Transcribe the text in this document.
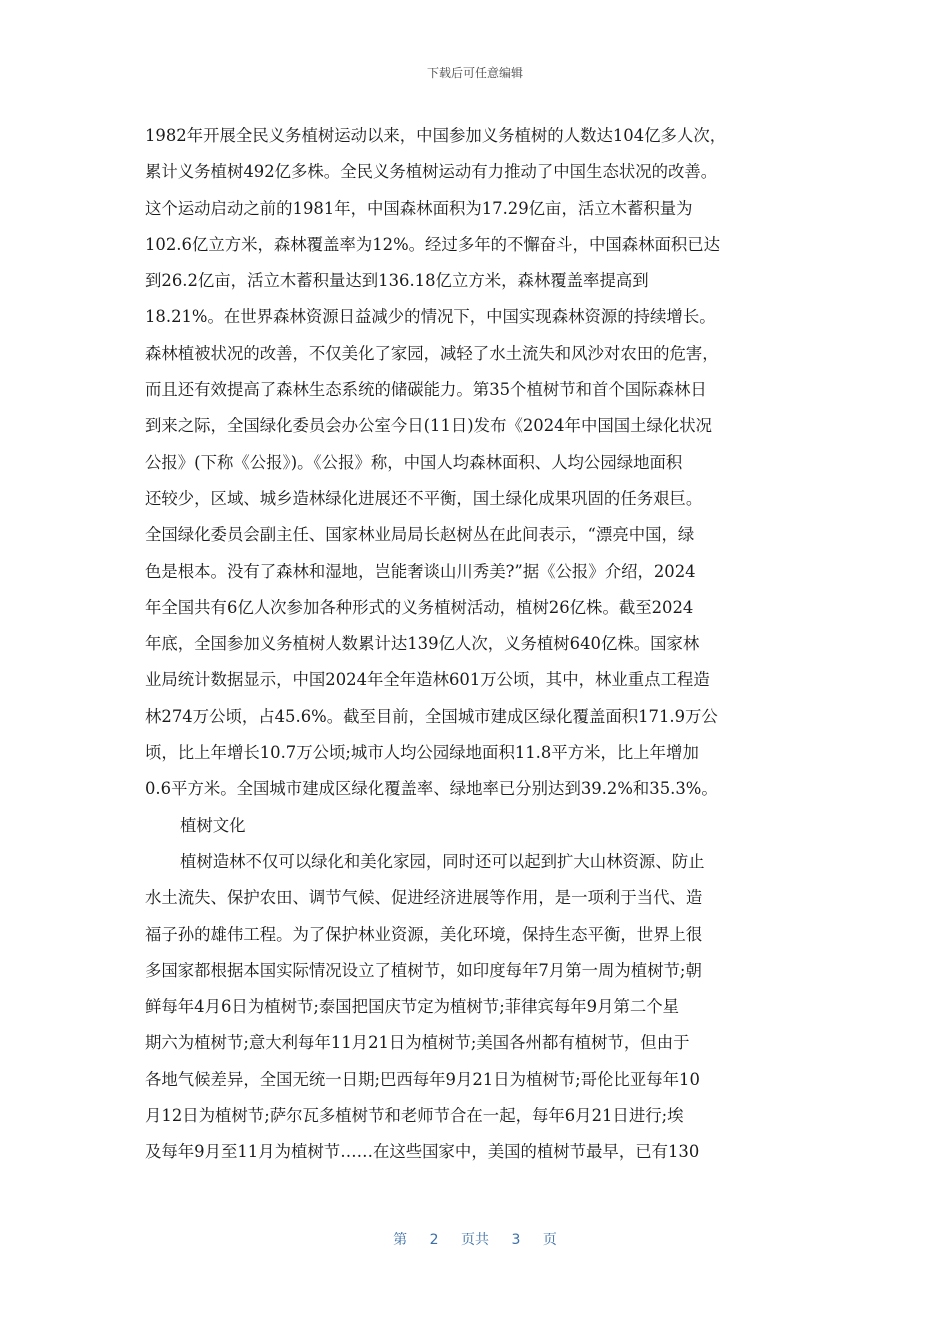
下载后可任意编辑
1982年开展全民义务植树运动以来，中国参加义务植树的人数达104亿多人次，
累计义务植树492亿多株。全民义务植树运动有力推动了中国生态状况的改善。
这个运动启动之前的1981年，中国森林面积为17.29亿亩，活立木蓄积量为
102.6亿立方米，森林覆盖率为12%。经过多年的不懈奋斗，中国森林面积已达
到26.2亿亩，活立木蓄积量达到136.18亿立方米，森林覆盖率提高到
18.21%。在世界森林资源日益减少的情况下，中国实现森林资源的持续增长。
森林植被状况的改善，不仅美化了家园，减轻了水土流失和风沙对农田的危害，
而且还有效提高了森林生态系统的储碳能力。第35个植树节和首个国际森林日
到来之际，全国绿化委员会办公室今日(11日)发布《2024年中国国土绿化状况
公报》(下称《公报》)。《公报》称，中国人均森林面积、人均公园绿地面积
还较少，区域、城乡造林绿化进展还不平衡，国土绿化成果巩固的任务艰巨。
全国绿化委员会副主任、国家林业局局长赵树丛在此间表示，“漂亮中国，绿
色是根本。没有了森林和湿地，岂能奢谈山川秀美?”据《公报》介绍，2024
年全国共有6亿人次参加各种形式的义务植树活动，植树26亿株。截至2024
年底，全国参加义务植树人数累计达139亿人次，义务植树640亿株。国家林
业局统计数据显示，中国2024年全年造林601万公顷，其中，林业重点工程造
林274万公顷，占45.6%。截至目前，全国城市建成区绿化覆盖面积171.9万公
顷，比上年增长10.7万公顷;城市人均公园绿地面积11.8平方米，比上年增加
0.6平方米。全国城市建成区绿化覆盖率、绿地率已分别达到39.2%和35.3%。
植树文化
植树造林不仅可以绿化和美化家园，同时还可以起到扩大山林资源、防止
水土流失、保护农田、调节气候、促进经济进展等作用，是一项利于当代、造
福子孙的雄伟工程。为了保护林业资源，美化环境，保持生态平衡，世界上很
多国家都根据本国实际情况设立了植树节，如印度每年7月第一周为植树节;朝
鲜每年4月6日为植树节;泰国把国庆节定为植树节;菲律宾每年9月第二个星
期六为植树节;意大利每年11月21日为植树节;美国各州都有植树节，但由于
各地气候差异，全国无统一日期;巴西每年9月21日为植树节;哥伦比亚每年10
月12日为植树节;萨尔瓦多植树节和老师节合在一起，每年6月21日进行;埃
及每年9月至11月为植树节……在这些国家中，美国的植树节最早，已有130
第 2 页共 3 页
